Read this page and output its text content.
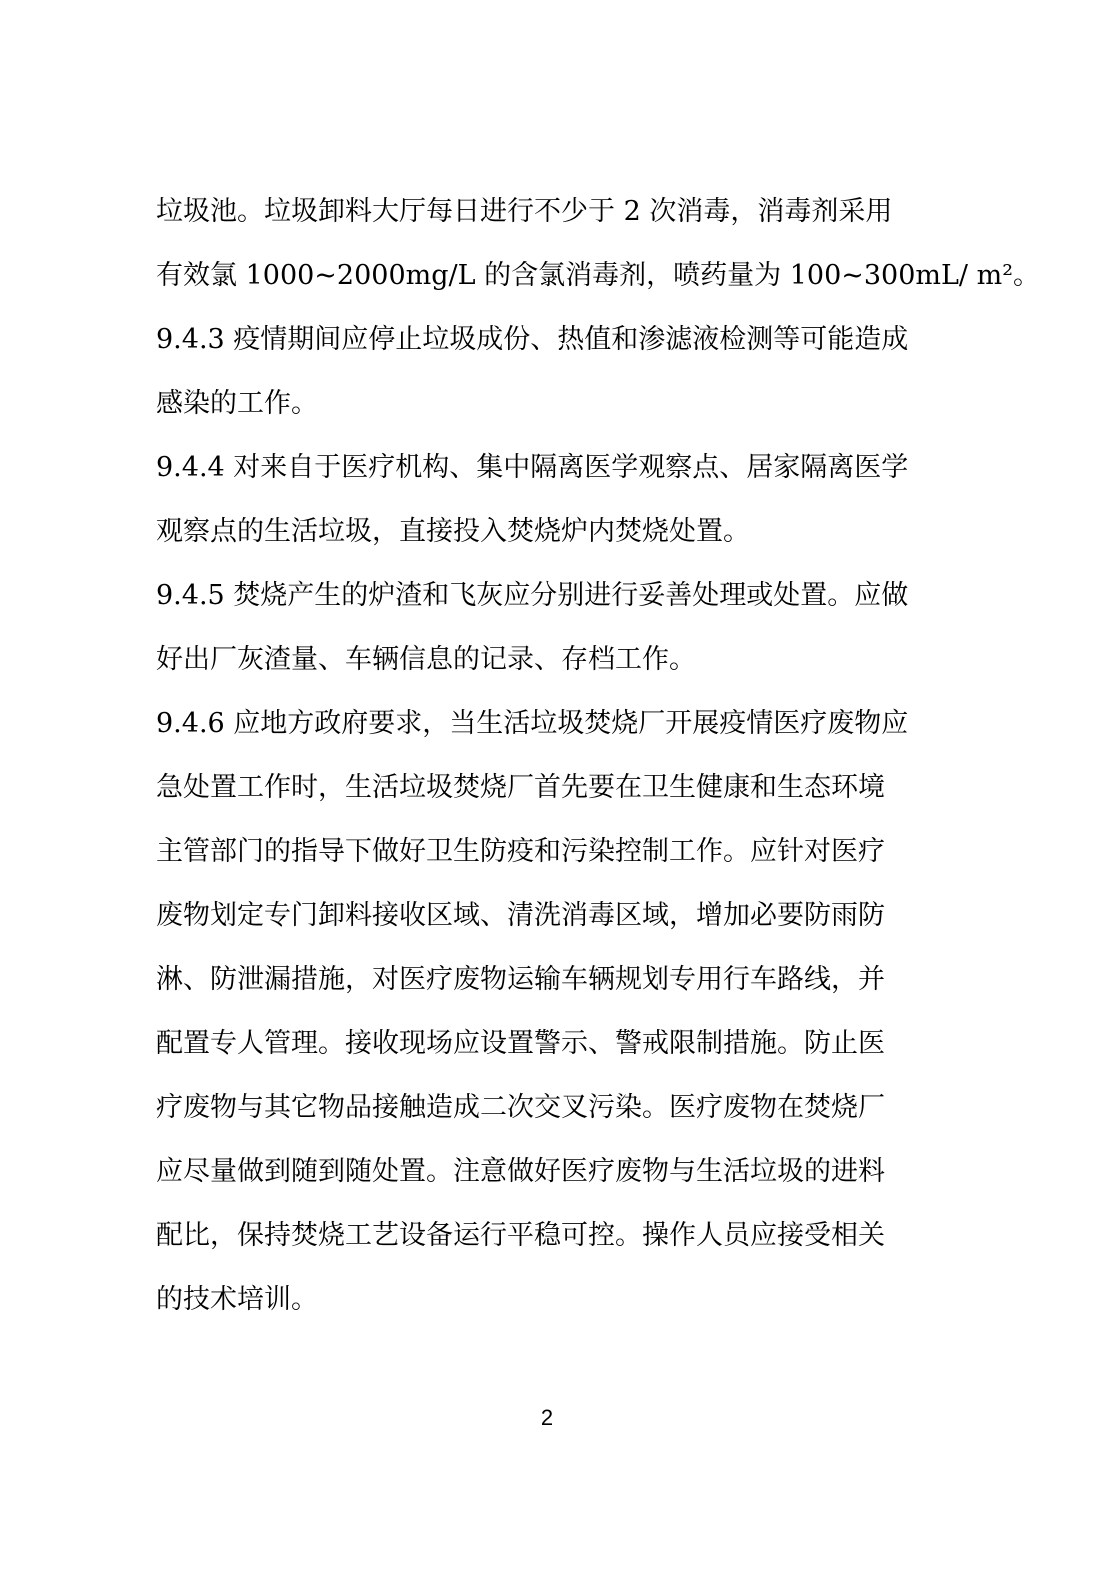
垃圾池。垃圾卸料大厅每日进行不少于 2 次消毒，消毒剂采用
有效氯 1000~2000mg/L 的含氯消毒剂，喷药量为 100~300mL/ m²。
9.4.3 疫情期间应停止垃圾成份、热值和渗滤液检测等可能造成
感染的工作。
9.4.4 对来自于医疗机构、集中隔离医学观察点、居家隔离医学
观察点的生活垃圾，直接投入焚烧炉内焚烧处置。
9.4.5 焚烧产生的炉渣和飞灰应分别进行妥善处理或处置。应做
好出厂灰渣量、车辆信息的记录、存档工作。
9.4.6 应地方政府要求，当生活垃圾焚烧厂开展疫情医疗废物应
急处置工作时，生活垃圾焚烧厂首先要在卫生健康和生态环境
主管部门的指导下做好卫生防疫和污染控制工作。应针对医疗
废物划定专门卸料接收区域、清洗消毒区域，增加必要防雨防
淋、防泄漏措施，对医疗废物运输车辆规划专用行车路线，并
配置专人管理。接收现场应设置警示、警戒限制措施。防止医
疗废物与其它物品接触造成二次交叉污染。医疗废物在焚烧厂
应尽量做到随到随处置。注意做好医疗废物与生活垃圾的进料
配比，保持焚烧工艺设备运行平稳可控。操作人员应接受相关
的技术培训。
2
